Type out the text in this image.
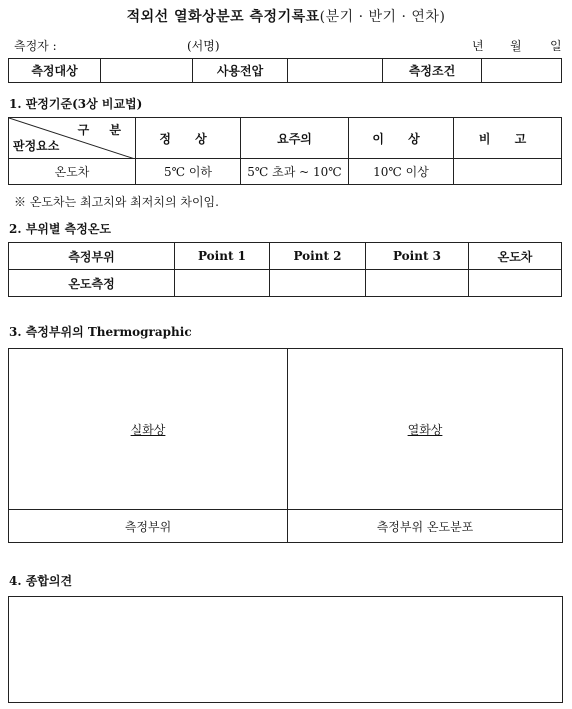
적외선 열화상분포 측정기록표(분기 · 반기 · 연차)
측정자 :	(서명)	년 월 일
측정대상		사용전압		측정조건	
1. 판정기준(3상 비교법)
구 분
판정요소	정 상	요주의	이 상	비 고
온도차	5℃ 이하	5℃ 초과 ~ 10℃	10℃ 이상	
※ 온도차는 최고치와 최저치의 차이임.
2. 부위별 측정온도
측정부위	Point 1	Point 2	Point 3	온도차
온도측정				
3. 측정부위의 Thermographic
실화상	열화상
측정부위	측정부위 온도분포
4. 종합의견
